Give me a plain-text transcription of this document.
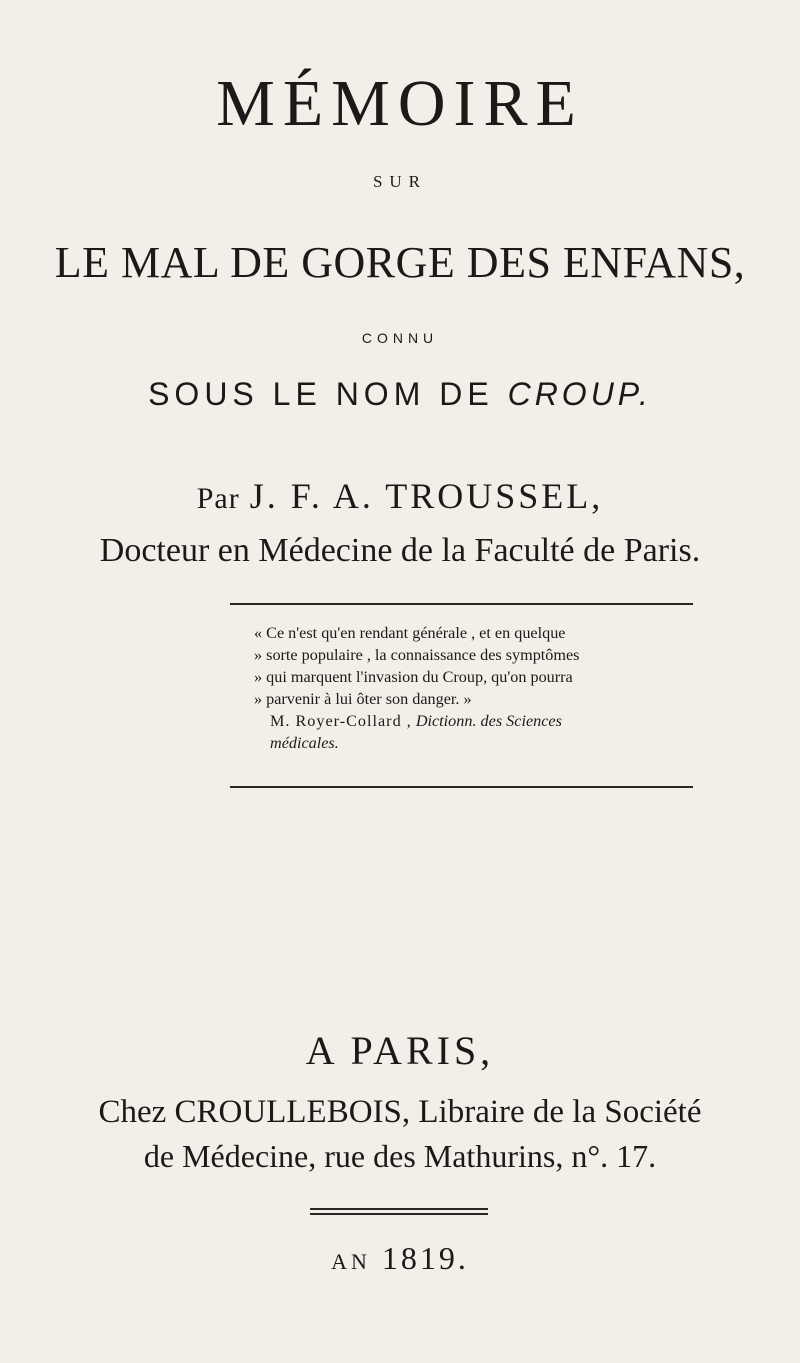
MÉMOIRE
SUR
LE MAL DE GORGE DES ENFANS,
CONNU
SOUS LE NOM DE CROUP.
Par J. F. A. TROUSSEL,
Docteur en Médecine de la Faculté de Paris.
« Ce n'est qu'en rendant générale , et en quelque
» sorte populaire , la connaissance des symptômes
» qui marquent l'invasion du Croup, qu'on pourra
» parvenir à lui ôter son danger. »
M. Royer-Collard , Dictionn. des Sciences
médicales.
A PARIS,
Chez CROULLEBOIS, Libraire de la Société
de Médecine, rue des Mathurins, n°. 17.
AN 1819.
